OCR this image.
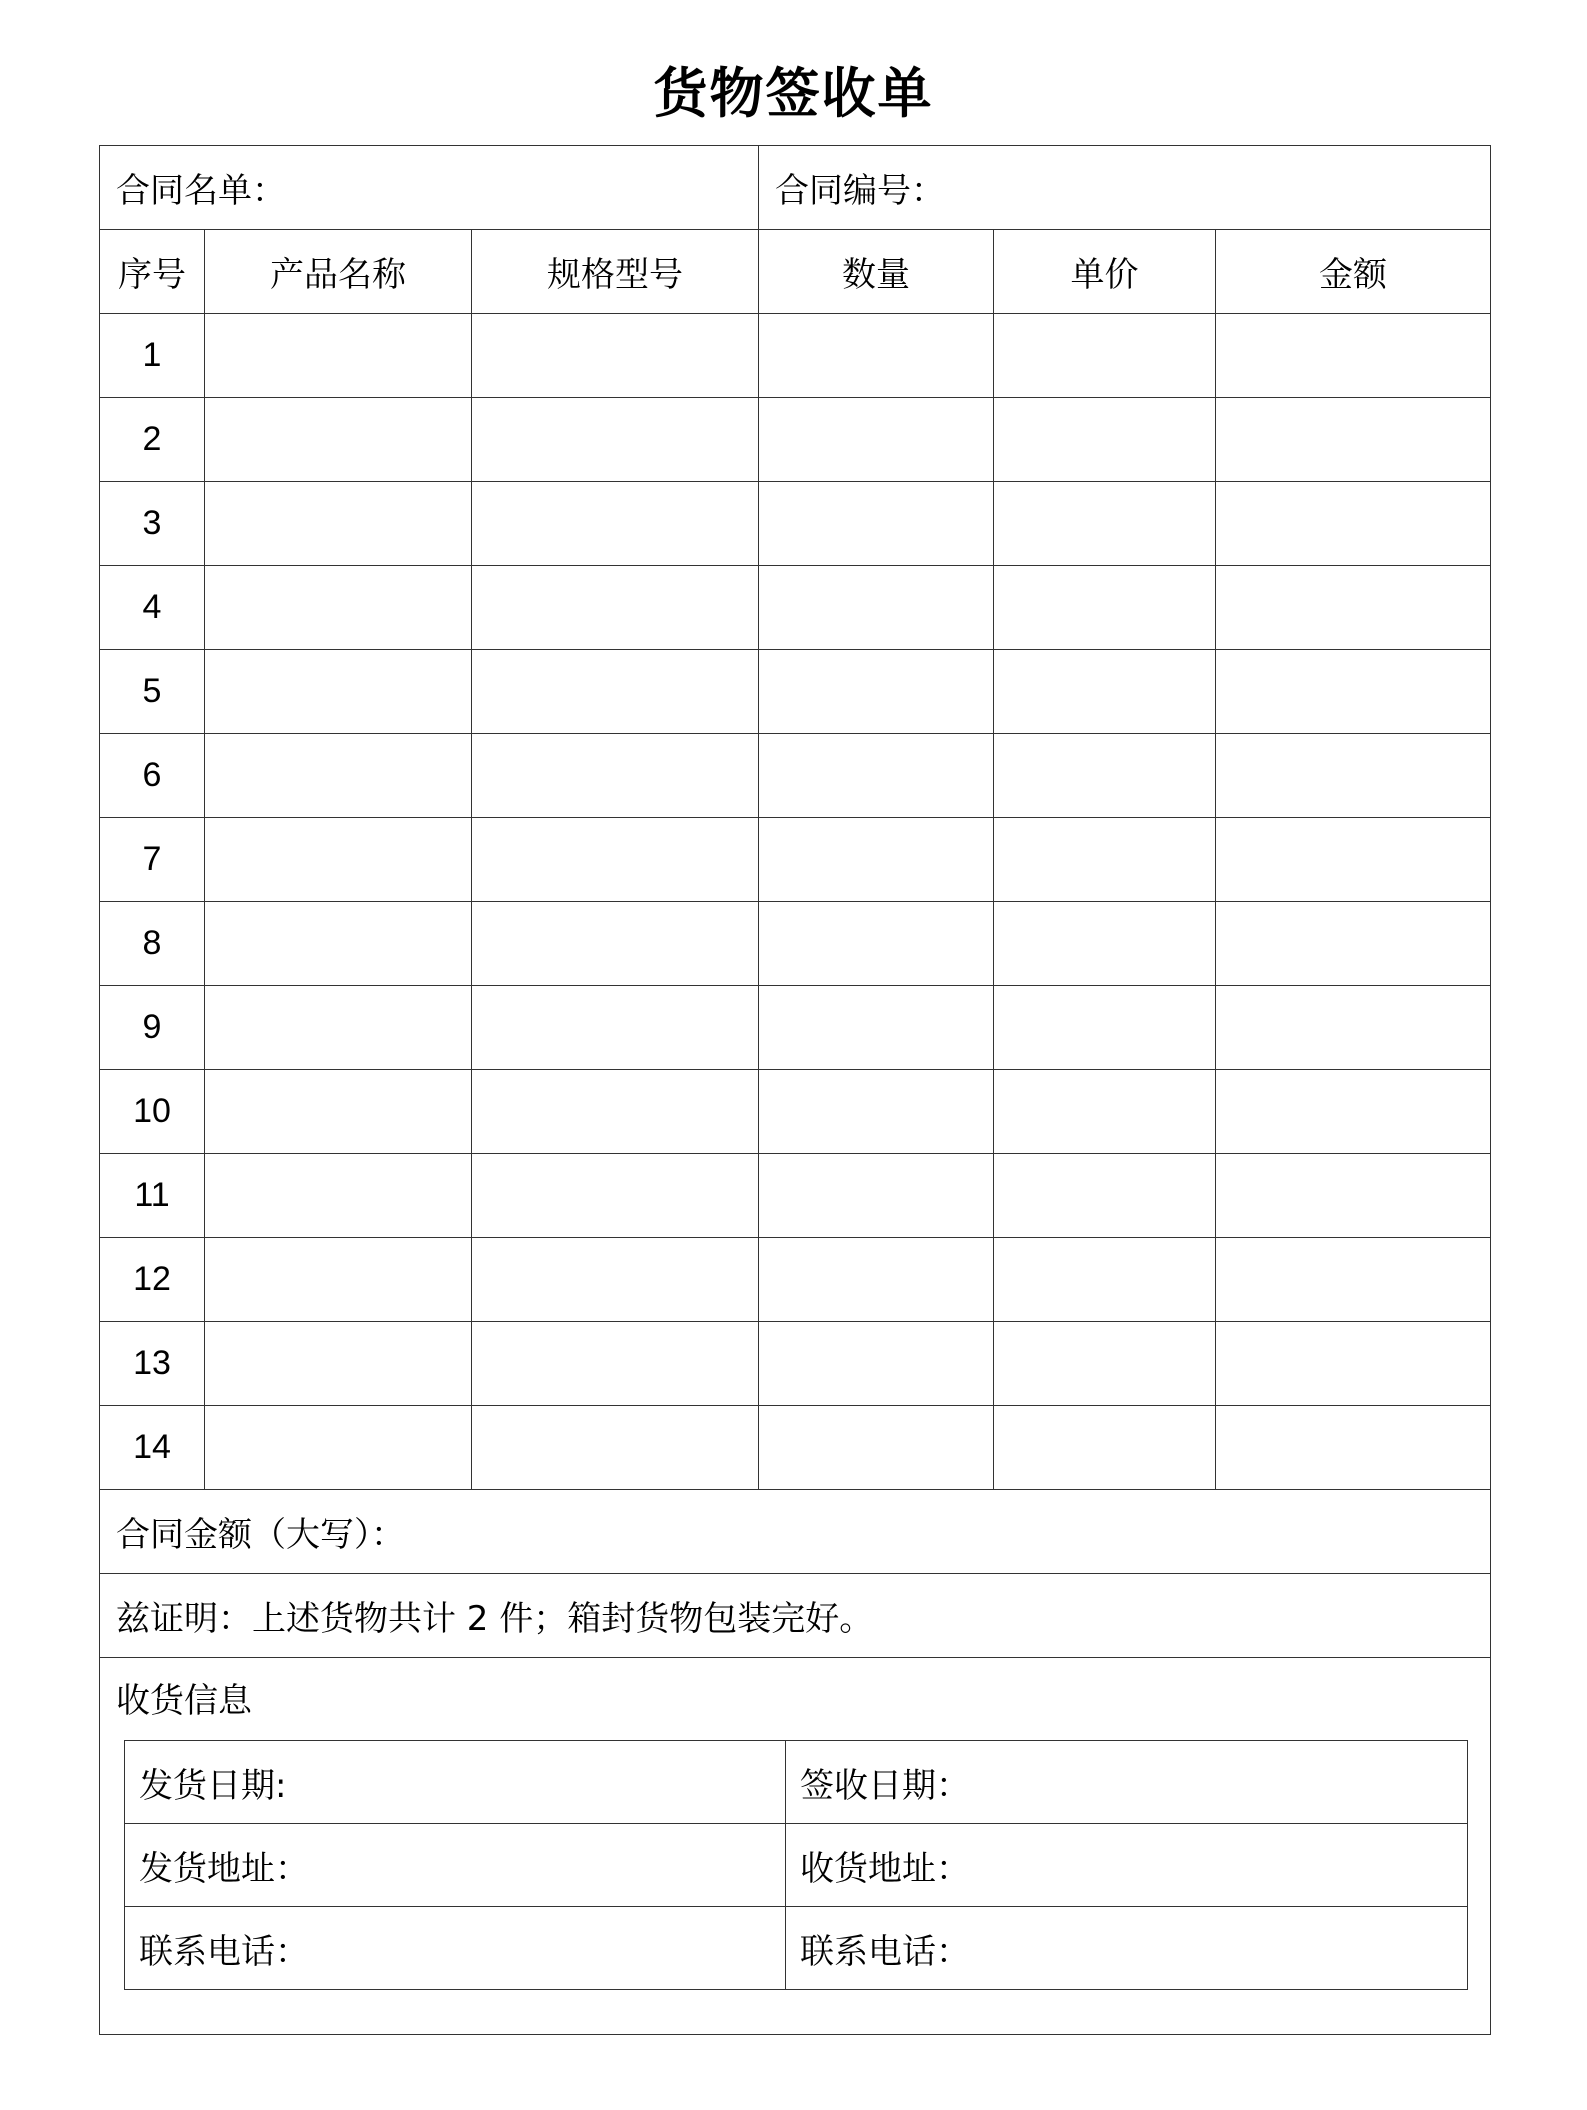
货物签收单
合同名单：	合同编号：
序号	产品名称	规格型号	数量	单价	金额
1					
2					
3					
4					
5					
6					
7					
8					
9					
10					
11					
12					
13					
14					
合同金额（大写）：
兹证明：上述货物共计 2 件；箱封货物包装完好。

收货信息
发货日期:	签收日期：
发货地址：	收货地址：
联系电话：	联系电话：
